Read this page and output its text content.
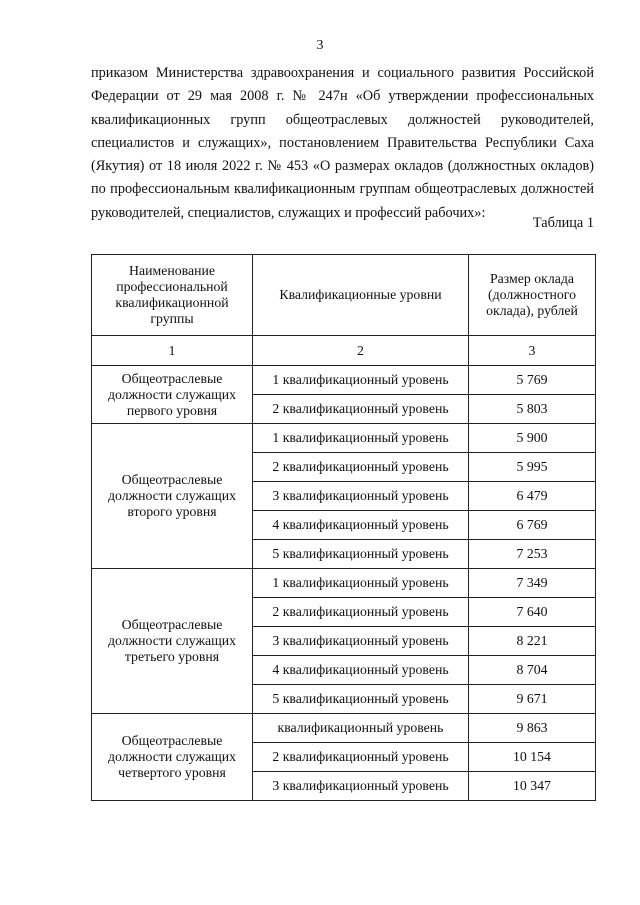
3
приказом Министерства здравоохранения и социального развития Российской Федерации от 29 мая 2008 г. № 247н «Об утверждении профессиональных квалификационных групп общеотраслевых должностей руководителей, специалистов и служащих», постановлением Правительства Республики Саха (Якутия) от 18 июля 2022 г. № 453 «О размерах окладов (должностных окладов) по профессиональным квалификационным группам общеотраслевых должностей руководителей, специалистов, служащих и профессий рабочих»:
Таблица 1
Наименование профессиональной квалификационной группы	Квалификационные уровни	Размер оклада (должностного оклада), рублей
1	2	3
Общеотраслевые должности служащих первого уровня	1 квалификационный уровень	5 769
	2 квалификационный уровень	5 803
Общеотраслевые должности служащих второго уровня	1 квалификационный уровень	5 900
	2 квалификационный уровень	5 995
	3 квалификационный уровень	6 479
	4 квалификационный уровень	6 769
	5 квалификационный уровень	7 253
Общеотраслевые должности служащих третьего уровня	1 квалификационный уровень	7 349
	2 квалификационный уровень	7 640
	3 квалификационный уровень	8 221
	4 квалификационный уровень	8 704
	5 квалификационный уровень	9 671
Общеотраслевые должности служащих четвертого уровня	квалификационный уровень	9 863
	2 квалификационный уровень	10 154
	3 квалификационный уровень	10 347
